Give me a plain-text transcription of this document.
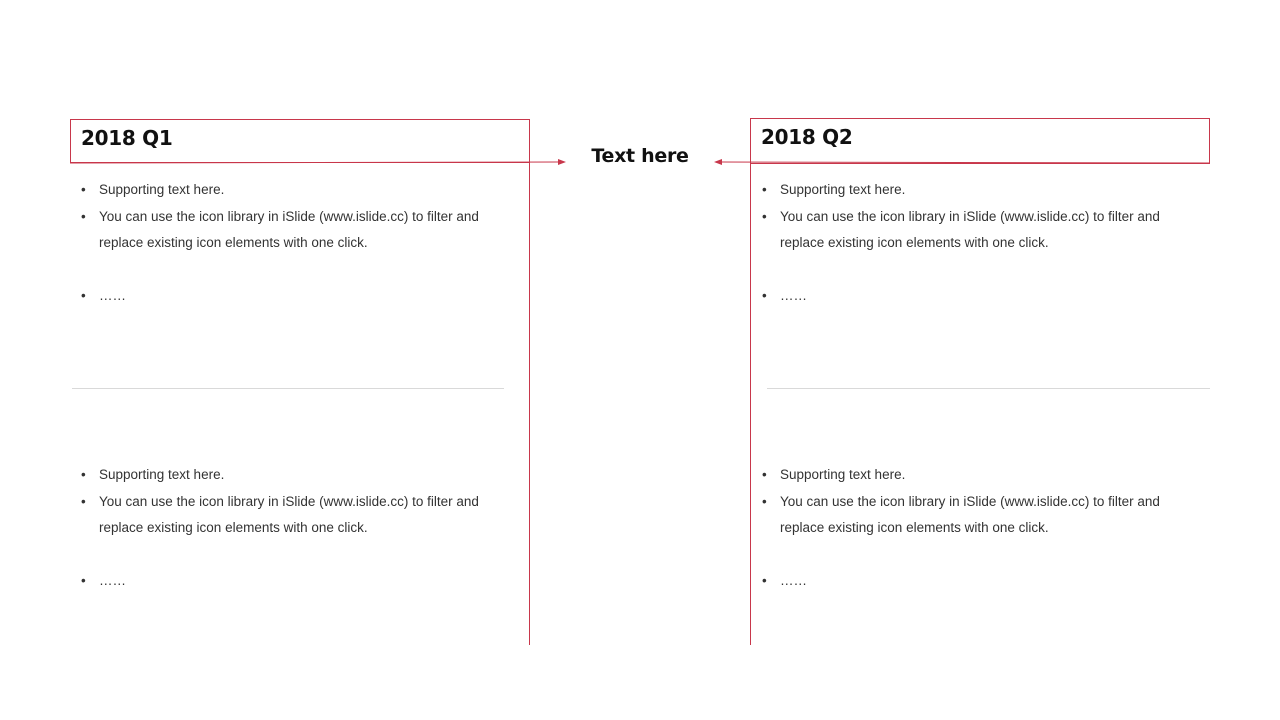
2018 Q1	2018 Q2
Text here
• Supporting text here.
• You can use the icon library in iSlide (www.islide.cc) to filter and replace existing icon elements with one click.
• ……
• Supporting text here.
• You can use the icon library in iSlide (www.islide.cc) to filter and replace existing icon elements with one click.
• ……
• Supporting text here.
• You can use the icon library in iSlide (www.islide.cc) to filter and replace existing icon elements with one click.
• ……
• Supporting text here.
• You can use the icon library in iSlide (www.islide.cc) to filter and replace existing icon elements with one click.
• ……
